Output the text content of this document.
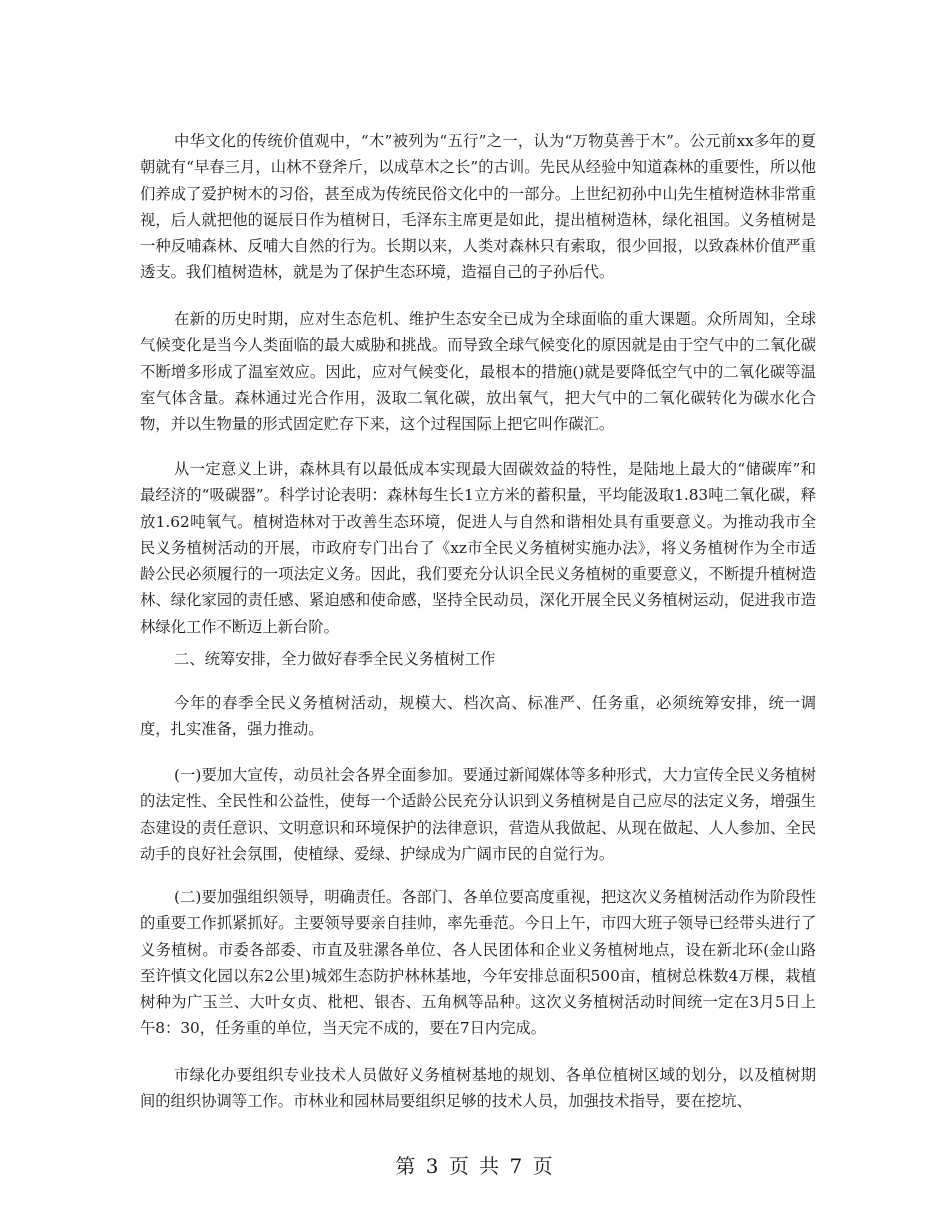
中华文化的传统价值观中，“木”被列为“五行”之一，认为“万物莫善于木”。公元前xx多年的夏朝就有“早春三月，山林不登斧斤，以成草木之长”的古训。先民从经验中知道森林的重要性，所以他们养成了爱护树木的习俗，甚至成为传统民俗文化中的一部分。上世纪初孙中山先生植树造林非常重视，后人就把他的诞辰日作为植树日，毛泽东主席更是如此，提出植树造林，绿化祖国。义务植树是一种反哺森林、反哺大自然的行为。长期以来，人类对森林只有索取，很少回报，以致森林价值严重透支。我们植树造林，就是为了保护生态环境，造福自己的子孙后代。

在新的历史时期，应对生态危机、维护生态安全已成为全球面临的重大课题。众所周知，全球气候变化是当今人类面临的最大威胁和挑战。而导致全球气候变化的原因就是由于空气中的二氧化碳不断增多形成了温室效应。因此，应对气候变化，最根本的措施()就是要降低空气中的二氧化碳等温室气体含量。森林通过光合作用，汲取二氧化碳，放出氧气，把大气中的二氧化碳转化为碳水化合物，并以生物量的形式固定贮存下来，这个过程国际上把它叫作碳汇。

从一定意义上讲，森林具有以最低成本实现最大固碳效益的特性，是陆地上最大的“储碳库”和最经济的“吸碳器”。科学讨论表明：森林每生长1立方米的蓄积量，平均能汲取1.83吨二氧化碳，释放1.62吨氧气。植树造林对于改善生态环境，促进人与自然和谐相处具有重要意义。为推动我市全民义务植树活动的开展，市政府专门出台了《xz市全民义务植树实施办法》，将义务植树作为全市适龄公民必须履行的一项法定义务。因此，我们要充分认识全民义务植树的重要意义，不断提升植树造林、绿化家园的责任感、紧迫感和使命感，坚持全民动员，深化开展全民义务植树运动，促进我市造林绿化工作不断迈上新台阶。

二、统筹安排，全力做好春季全民义务植树工作

今年的春季全民义务植树活动，规模大、档次高、标准严、任务重，必须统筹安排，统一调度，扎实准备，强力推动。

(一)要加大宣传，动员社会各界全面参加。要通过新闻媒体等多种形式，大力宣传全民义务植树的法定性、全民性和公益性，使每一个适龄公民充分认识到义务植树是自己应尽的法定义务，增强生态建设的责任意识、文明意识和环境保护的法律意识，营造从我做起、从现在做起、人人参加、全民动手的良好社会氛围，使植绿、爱绿、护绿成为广阔市民的自觉行为。

(二)要加强组织领导，明确责任。各部门、各单位要高度重视，把这次义务植树活动作为阶段性的重要工作抓紧抓好。主要领导要亲自挂帅，率先垂范。今日上午，市四大班子领导已经带头进行了义务植树。市委各部委、市直及驻漯各单位、各人民团体和企业义务植树地点，设在新北环(金山路至许慎文化园以东2公里)城郊生态防护林林基地，今年安排总面积500亩，植树总株数4万棵，栽植树种为广玉兰、大叶女贞、枇杷、银杏、五角枫等品种。这次义务植树活动时间统一定在3月5日上午8：30，任务重的单位，当天完不成的，要在7日内完成。

市绿化办要组织专业技术人员做好义务植树基地的规划、各单位植树区域的划分，以及植树期间的组织协调等工作。市林业和园林局要组织足够的技术人员，加强技术指导，要在挖坑、

第 3 页 共 7 页
